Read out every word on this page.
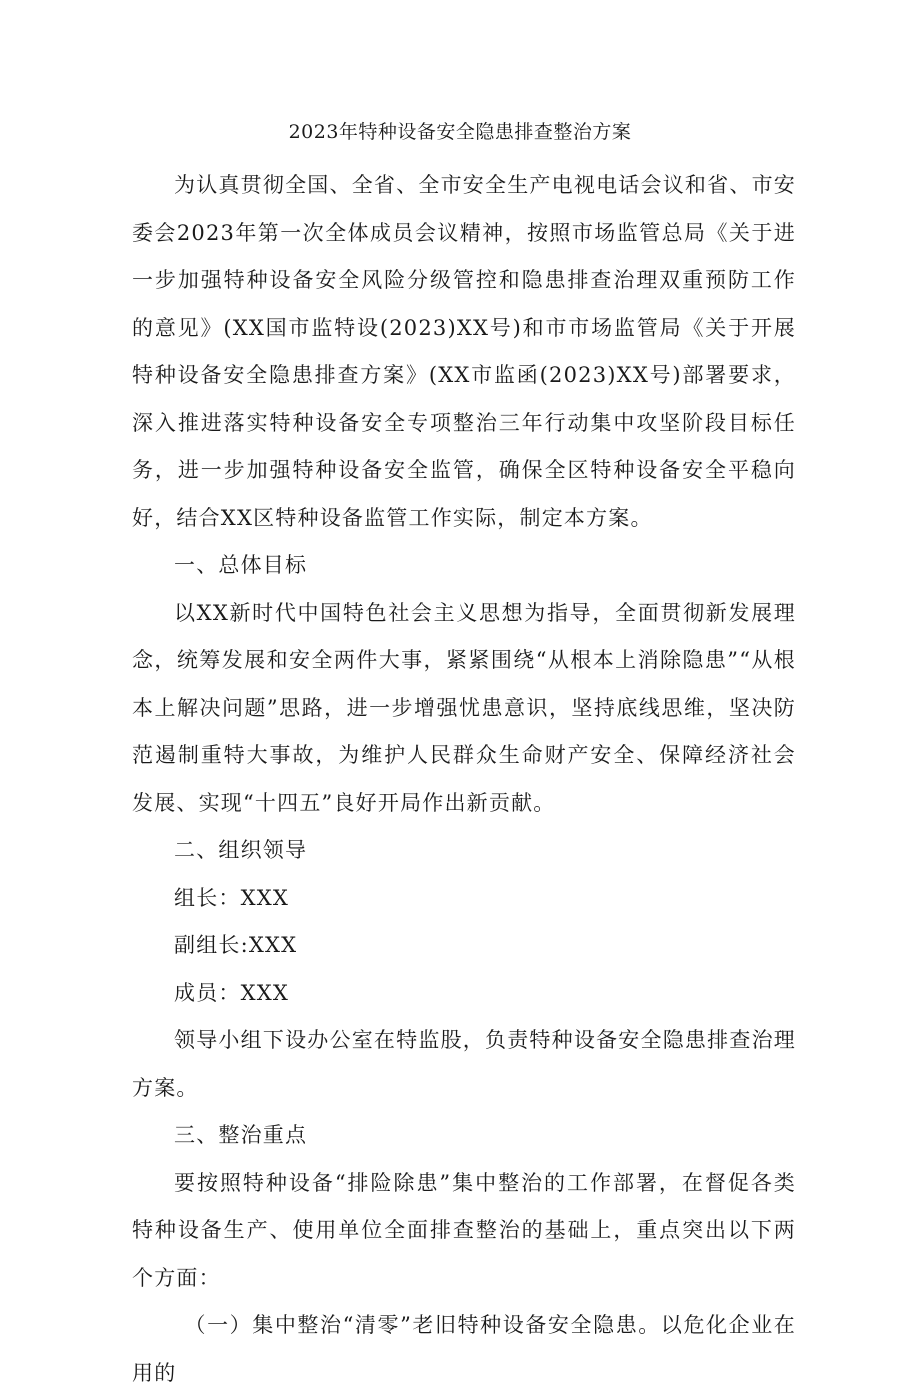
2023年特种设备安全隐患排查整治方案

为认真贯彻全国、全省、全市安全生产电视电话会议和省、市安委会2023年第一次全体成员会议精神，按照市场监管总局《关于进一步加强特种设备安全风险分级管控和隐患排查治理双重预防工作的意见》(XX国市监特设(2023)XX号)和市市场监管局《关于开展特种设备安全隐患排查方案》(XX市监函(2023)XX号)部署要求，深入推进落实特种设备安全专项整治三年行动集中攻坚阶段目标任务，进一步加强特种设备安全监管，确保全区特种设备安全平稳向好，结合XX区特种设备监管工作实际，制定本方案。

一、总体目标

以XX新时代中国特色社会主义思想为指导，全面贯彻新发展理念，统筹发展和安全两件大事，紧紧围绕“从根本上消除隐患”“从根本上解决问题”思路，进一步增强忧患意识，坚持底线思维，坚决防范遏制重特大事故，为维护人民群众生命财产安全、保障经济社会发展、实现“十四五”良好开局作出新贡献。

二、组织领导

组长：XXX

副组长:XXX

成员：XXX

领导小组下设办公室在特监股，负责特种设备安全隐患排查治理方案。

三、整治重点

要按照特种设备“排险除患”集中整治的工作部署，在督促各类特种设备生产、使用单位全面排查整治的基础上，重点突出以下两个方面：

（一）集中整治“清零”老旧特种设备安全隐患。以危化企业在用的
